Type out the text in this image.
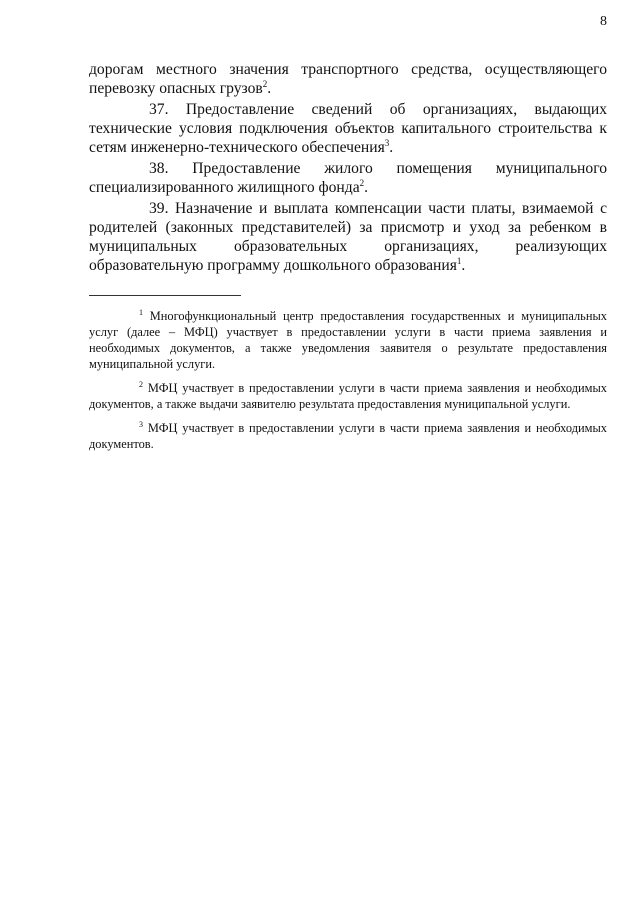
8

дорогам местного значения транспортного средства, осуществляющего перевозку опасных грузов$^2$.

37. Предоставление сведений об организациях, выдающих технические условия подключения объектов капитального строительства к сетям инженерно-технического обеспечения$^3$.

38. Предоставление жилого помещения муниципального специализированного жилищного фонда$^2$.

39. Назначение и выплата компенсации части платы, взимаемой с родителей (законных представителей) за присмотр и уход за ребенком в муниципальных образовательных организациях, реализующих образовательную программу дошкольного образования$^1$.

$^1$ Многофункциональный центр предоставления государственных и муниципальных услуг (далее – МФЦ) участвует в предоставлении услуги в части приема заявления и необходимых документов, а также уведомления заявителя о результате предоставления муниципальной услуги.

$^2$ МФЦ участвует в предоставлении услуги в части приема заявления и необходимых документов, а также выдачи заявителю результата предоставления муниципальной услуги.

$^3$ МФЦ участвует в предоставлении услуги в части приема заявления и необходимых документов.
